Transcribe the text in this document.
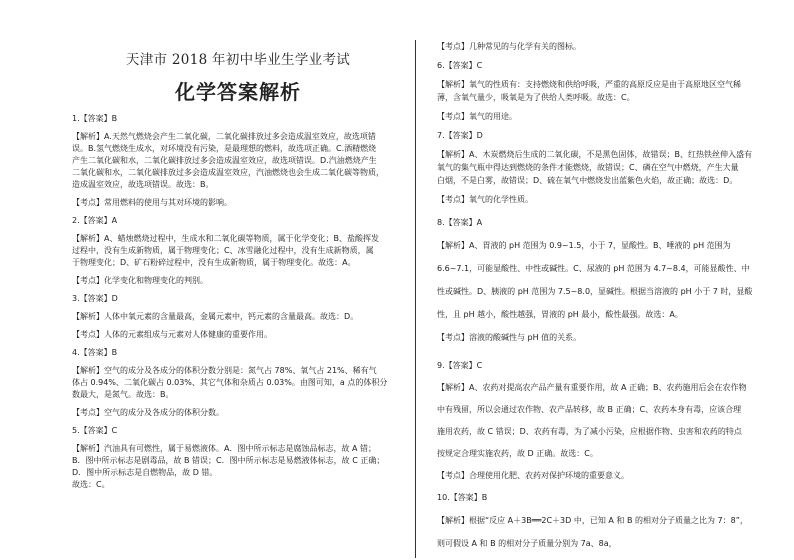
天津市 2018 年初中毕业生学业考试
化学答案解析
1.【答案】B
【解析】A.天然气燃烧会产生二氧化碳，二氧化碳排放过多会造成温室效应，故选项错
误。B.氢气燃烧生成水，对环境没有污染，是最理想的燃料，故选项正确。C.酒精燃烧
产生二氧化碳和水，二氧化碳排放过多会造成温室效应，故选项错误。D.汽油燃烧产生
二氧化碳和水，二氧化碳排放过多会造成温室效应，汽油燃烧也会生成二氧化碳等物质，
造成温室效应，故选项错误。故选：B。
【考点】常用燃料的使用与其对环境的影响。
2.【答案】A
【解析】A、蜡烛燃烧过程中，生成水和二氧化碳等物质，属于化学变化；B、盐酸挥发
过程中，没有生成新物质，属于物理变化；C、冰雪融化过程中，没有生成新物质，属
于物理变化；D、矿石粉碎过程中，没有生成新物质，属于物理变化。故选：A。
【考点】化学变化和物理变化的判别。
3.【答案】D
【解析】人体中氧元素的含量最高，金属元素中，钙元素的含量最高。故选：D。
【考点】人体的元素组成与元素对人体健康的重要作用。
4.【答案】B
【解析】空气的成分及各成分的体积分数分别是：氮气占 78%、氧气占 21%、稀有气
体占 0.94%、二氧化碳占 0.03%、其它气体和杂质占 0.03%。由图可知，a 点的体积分
数最大，是氮气。故选：B。
【考点】空气的成分及各成分的体积分数。
5.【答案】C
【解析】汽油具有可燃性，属于易燃液体。A．图中所示标志是腐蚀品标志，故 A 错；
B．图中所示标志是剧毒品，故 B 错误；C．图中所示标志是易燃液体标志，故 C 正确；
D．图中所示标志是自燃物品，故 D 错。
故选：C。
【考点】几种常见的与化学有关的图标。
6.【答案】C
【解析】氧气的性质有：支持燃烧和供给呼吸，严重的高原反应是由于高原地区空气稀
薄，含氧气量少，吸氧是为了供给人类呼吸。故选：C。
【考点】氧气的用途。
7.【答案】D
【解析】A、木炭燃烧后生成的二氧化碳，不是黑色固体，故错误；B、红热铁丝伸入盛有
氧气的集气瓶中得达到燃烧的条件才能燃烧，故错误；C、磷在空气中燃烧，产生大量
白烟，不是白雾，故错误；D、硫在氧气中燃烧发出蓝紫色火焰，故正确；故选：D。
【考点】氧气的化学性质。
8.【答案】A
【解析】A、胃液的 pH 范围为 0.9~1.5，小于 7，显酸性。B、唾液的 pH 范围为
6.6~7.1，可能显酸性、中性或碱性。C、尿液的 pH 范围为 4.7~8.4，可能显酸性、中
性或碱性。D、胰液的 pH 范围为 7.5~8.0，显碱性。根据当溶液的 pH 小于 7 时，显酸
性，且 pH 越小，酸性越强，胃液的 pH 最小，酸性最强。故选：A。
【考点】溶液的酸碱性与 pH 值的关系。
9.【答案】C
【解析】A、农药对提高农产品产量有重要作用，故 A 正确；B、农药施用后会在农作物
中有残留，所以会通过农作物、农产品转移，故 B 正确；C、农药本身有毒，应该合理
施用农药，故 C 错误；D、农药有毒，为了减小污染，应根据作物、虫害和农药的特点
按规定合理实施农药，故 D 正确。故选：C。
【考点】合理使用化肥、农药对保护环境的重要意义。
10.【答案】B
【解析】根据“反应 A＋3B══2C＋3D 中，已知 A 和 B 的相对分子质量之比为 7：8”，
则可假设 A 和 B 的相对分子质量分别为 7a、8a，
